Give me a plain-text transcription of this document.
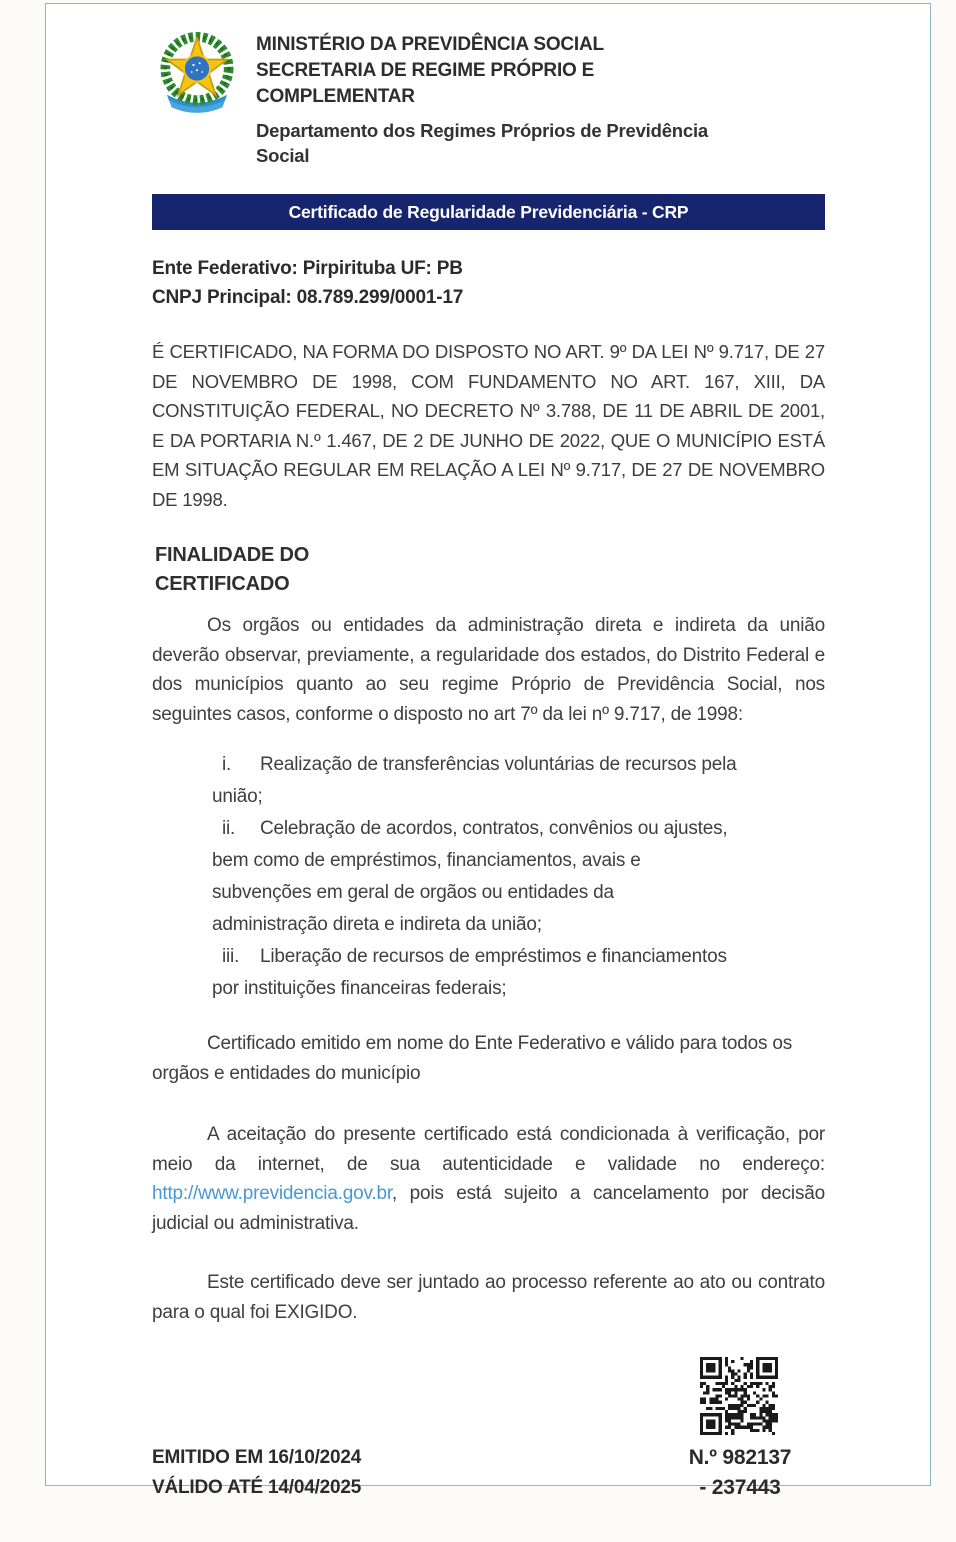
MINISTÉRIO DA PREVIDÊNCIA SOCIAL
SECRETARIA DE REGIME PRÓPRIO E COMPLEMENTAR
Departamento dos Regimes Próprios de Previdência Social
Certificado de Regularidade Previdenciária - CRP
Ente Federativo: Pirpirituba UF: PB
CNPJ Principal: 08.789.299/0001-17

É CERTIFICADO, NA FORMA DO DISPOSTO NO ART. 9º DA LEI Nº 9.717, DE 27 DE NOVEMBRO DE 1998, COM FUNDAMENTO NO ART. 167, XIII, DA CONSTITUIÇÃO FEDERAL, NO DECRETO Nº 3.788, DE 11 DE ABRIL DE 2001, E DA PORTARIA N.º 1.467, DE 2 DE JUNHO DE 2022, QUE O MUNICÍPIO ESTÁ EM SITUAÇÃO REGULAR EM RELAÇÃO A LEI Nº 9.717, DE 27 DE NOVEMBRO DE 1998.

FINALIDADE DO CERTIFICADO

Os orgãos ou entidades da administração direta e indireta da união deverão observar, previamente, a regularidade dos estados, do Distrito Federal e dos municípios quanto ao seu regime Próprio de Previdência Social, nos seguintes casos, conforme o disposto no art 7º da lei nº 9.717, de 1998:

i. Realização de transferências voluntárias de recursos pela
união;
ii. Celebração de acordos, contratos, convênios ou ajustes,
bem como de empréstimos, financiamentos, avais e
subvenções em geral de orgãos ou entidades da
administração direta e indireta da união;
iii. Liberação de recursos de empréstimos e financiamentos
por instituições financeiras federais;

Certificado emitido em nome do Ente Federativo e válido para todos os orgãos e entidades do município

A aceitação do presente certificado está condicionada à verificação, por meio da internet, de sua autenticidade e validade no endereço: http://www.previdencia.gov.br, pois está sujeito a cancelamento por decisão judicial ou administrativa.

Este certificado deve ser juntado ao processo referente ao ato ou contrato para o qual foi EXIGIDO.

EMITIDO EM 16/10/2024
VÁLIDO ATÉ 14/04/2025
N.º 982137
- 237443
